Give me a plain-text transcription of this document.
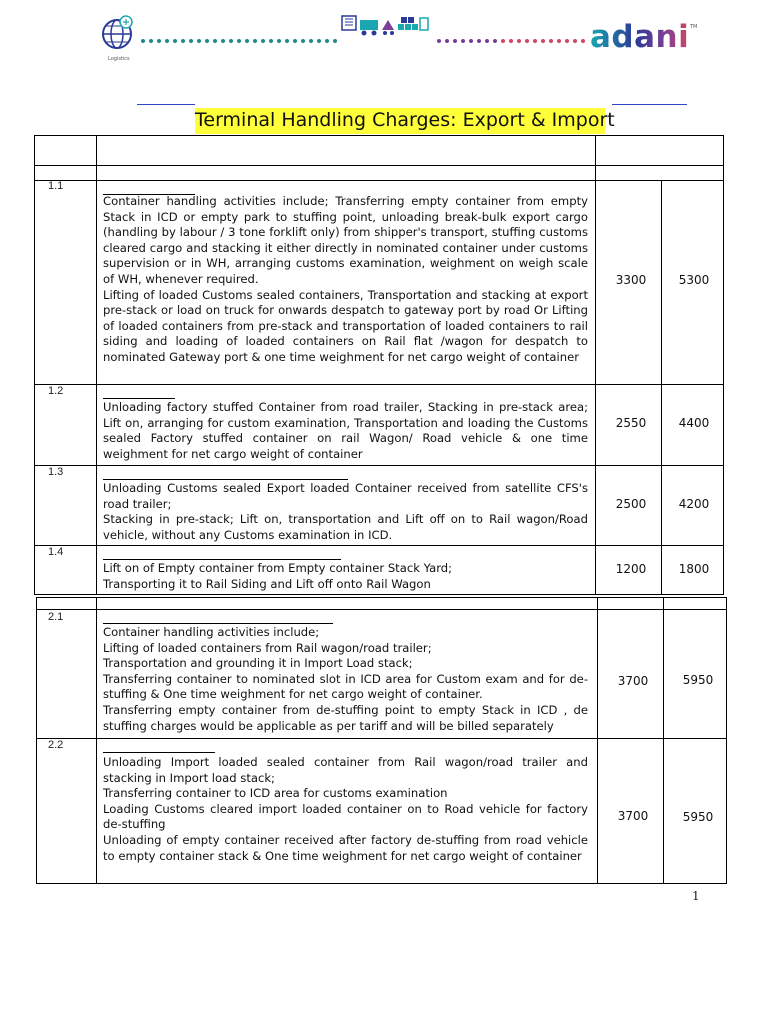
Logistics
adani TM
Terminal Handling Charges: Export & Import
1.1

Container handling activities include; Transferring empty container from empty Stack in ICD or empty park to stuffing point, unloading break-bulk export cargo (handling by labour / 3 tone forklift only) from shipper's transport, stuffing customs cleared cargo and stacking it either directly in nominated container under customs supervision or in WH, arranging customs examination, weighment on weigh scale of WH, whenever required.

Lifting of loaded Customs sealed containers, Transportation and stacking at export pre-stack or load on truck for onwards despatch to gateway port by road Or Lifting of loaded containers from pre-stack and transportation of loaded containers to rail siding and loading of loaded containers on Rail flat /wagon for despatch to nominated Gateway port & one time weighment for net cargo weight of container

3300	5300
1.2

Unloading factory stuffed Container from road trailer, Stacking in pre-stack area; Lift on, arranging for custom examination, Transportation and loading the Customs sealed Factory stuffed container on rail Wagon/ Road vehicle & one time weighment for net cargo weight of container

2550	4400
1.3

Unloading Customs sealed Export loaded Container received from satellite CFS's road trailer;

Stacking in pre-stack; Lift on, transportation and Lift off on to Rail wagon/Road vehicle, without any Customs examination in ICD.

2500	4200
1.4

Lift on of Empty container from Empty container Stack Yard;

Transporting it to Rail Siding and Lift off onto Rail Wagon

1200	1800
2.1

Container handling activities include;

Lifting of loaded containers from Rail wagon/road trailer;

Transportation and grounding it in Import Load stack;

Transferring container to nominated slot in ICD area for Custom exam and for de-stuffing & One time weighment for net cargo weight of container.

Transferring empty container from de-stuffing point to empty Stack in ICD , de stuffing charges would be applicable as per tariff and will be billed separately

3700	5950
2.2

Unloading Import loaded sealed container from Rail wagon/road trailer and stacking in Import load stack;

Transferring container to ICD area for customs examination

Loading Customs cleared import loaded container on to Road vehicle for factory de-stuffing

Unloading of empty container received after factory de-stuffing from road vehicle to empty container stack & One time weighment for net cargo weight of container

3700	5950
1
